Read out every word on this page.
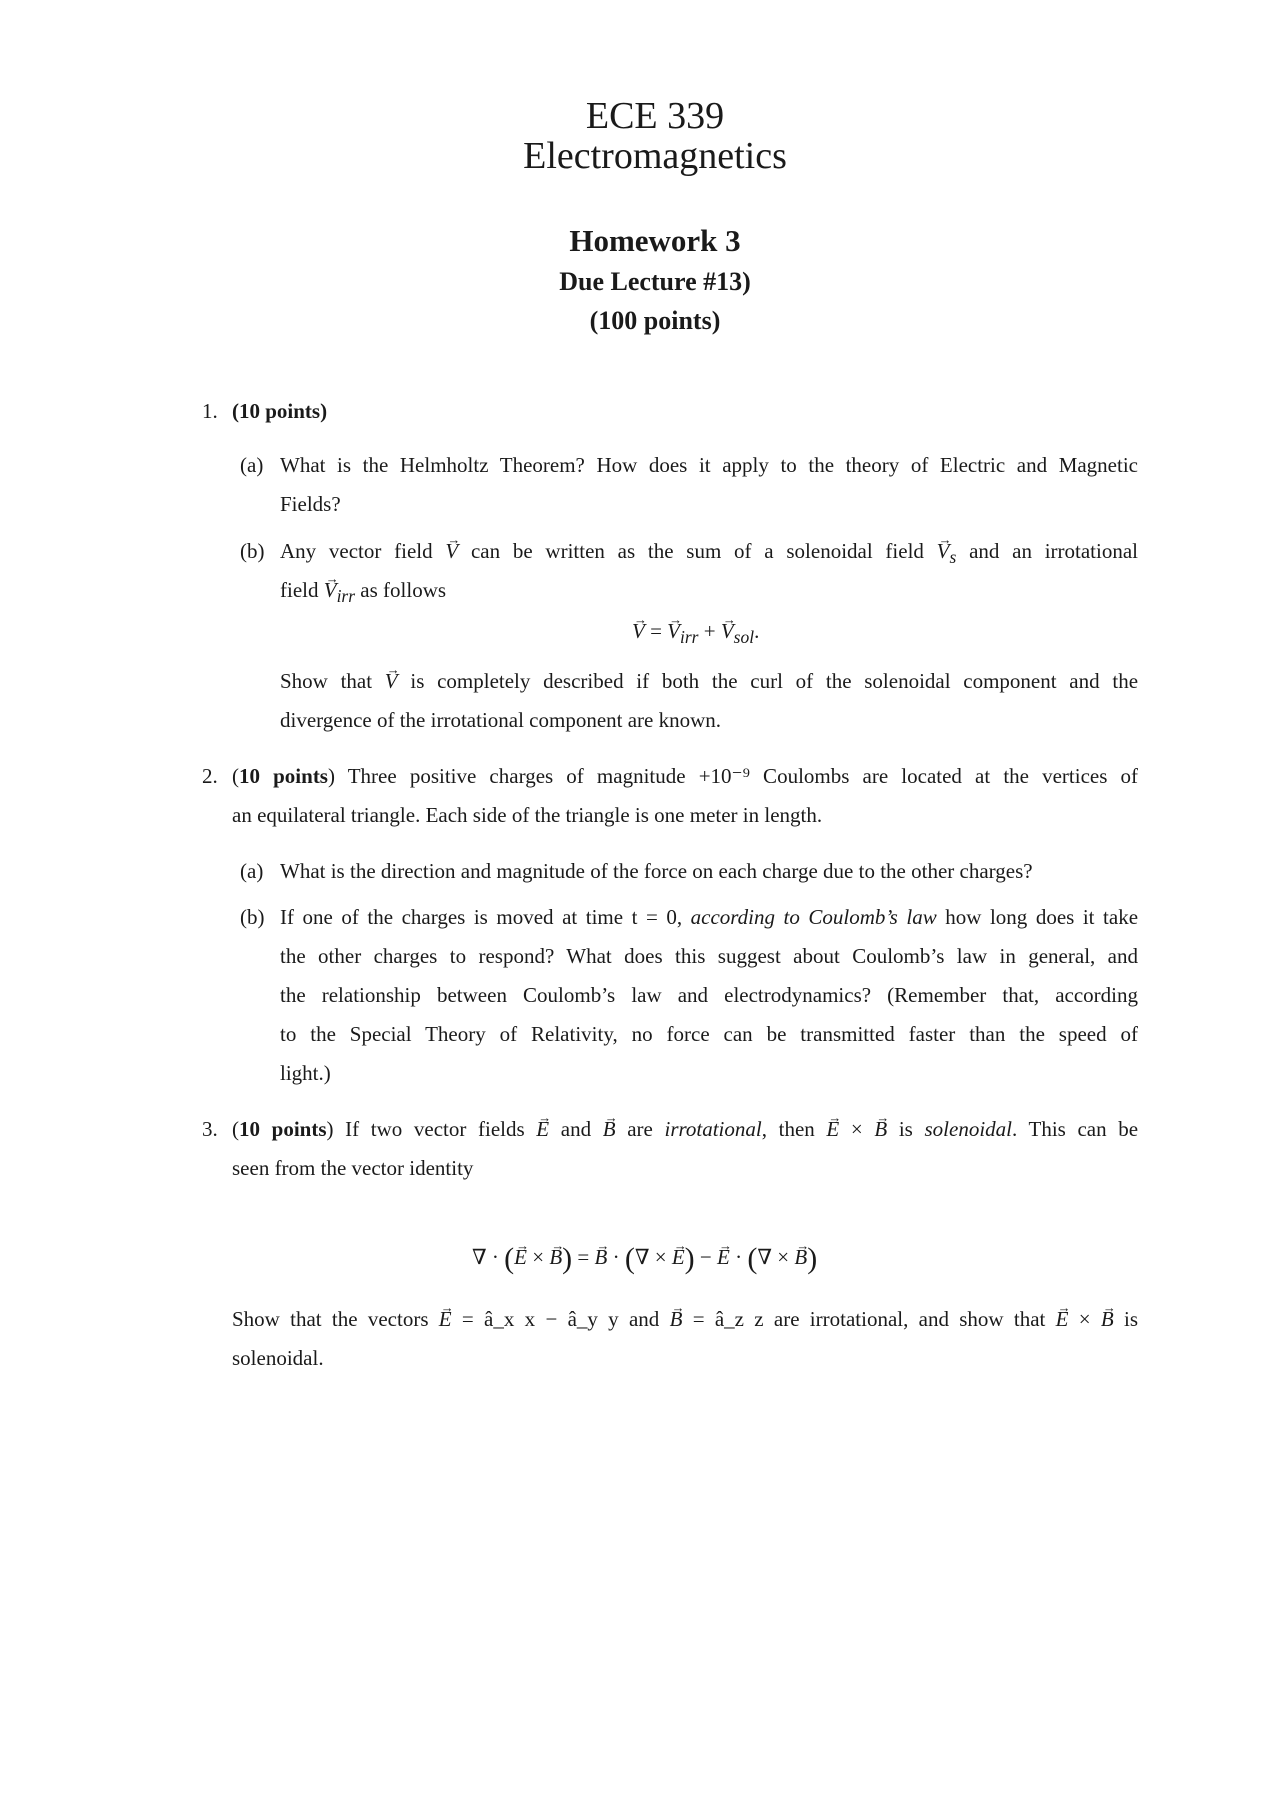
ECE 339
Electromagnetics
Homework 3
Due Lecture #13)
(100 points)
1. (10 points)
(a) What is the Helmholtz Theorem? How does it apply to the theory of Electric and Magnetic
Fields?
(b) Any vector field → V can be written as the sum of a solenoidal field → $V_s$ and an irrotational
field → $V_{irr}$ as follows
→ V = → $V_{irr}$ + → $V_{sol}$.
Show that → V is completely described if both the curl of the solenoidal component and the
divergence of the irrotational component are known.
2. (10 points) Three positive charges of magnitude +10⁻⁹ Coulombs are located at the vertices of
an equilateral triangle. Each side of the triangle is one meter in length.
(a) What is the direction and magnitude of the force on each charge due to the other charges?
(b) If one of the charges is moved at time t = 0, according to Coulomb’s law how long does it take
the other charges to respond? What does this suggest about Coulomb’s law in general, and
the relationship between Coulomb’s law and electrodynamics? (Remember that, according
to the Special Theory of Relativity, no force can be transmitted faster than the speed of
light.)
3. (10 points) If two vector fields → E and → B are irrotational, then → E × → B is solenoidal. This can be
seen from the vector identity
∇ · (→ E × → B) = → B · (∇ × → E) − → E · (∇ × → B)
Show that the vectors → E = â_x x − â_y y and → B = â_z z are irrotational, and show that → E × → B is
solenoidal.
